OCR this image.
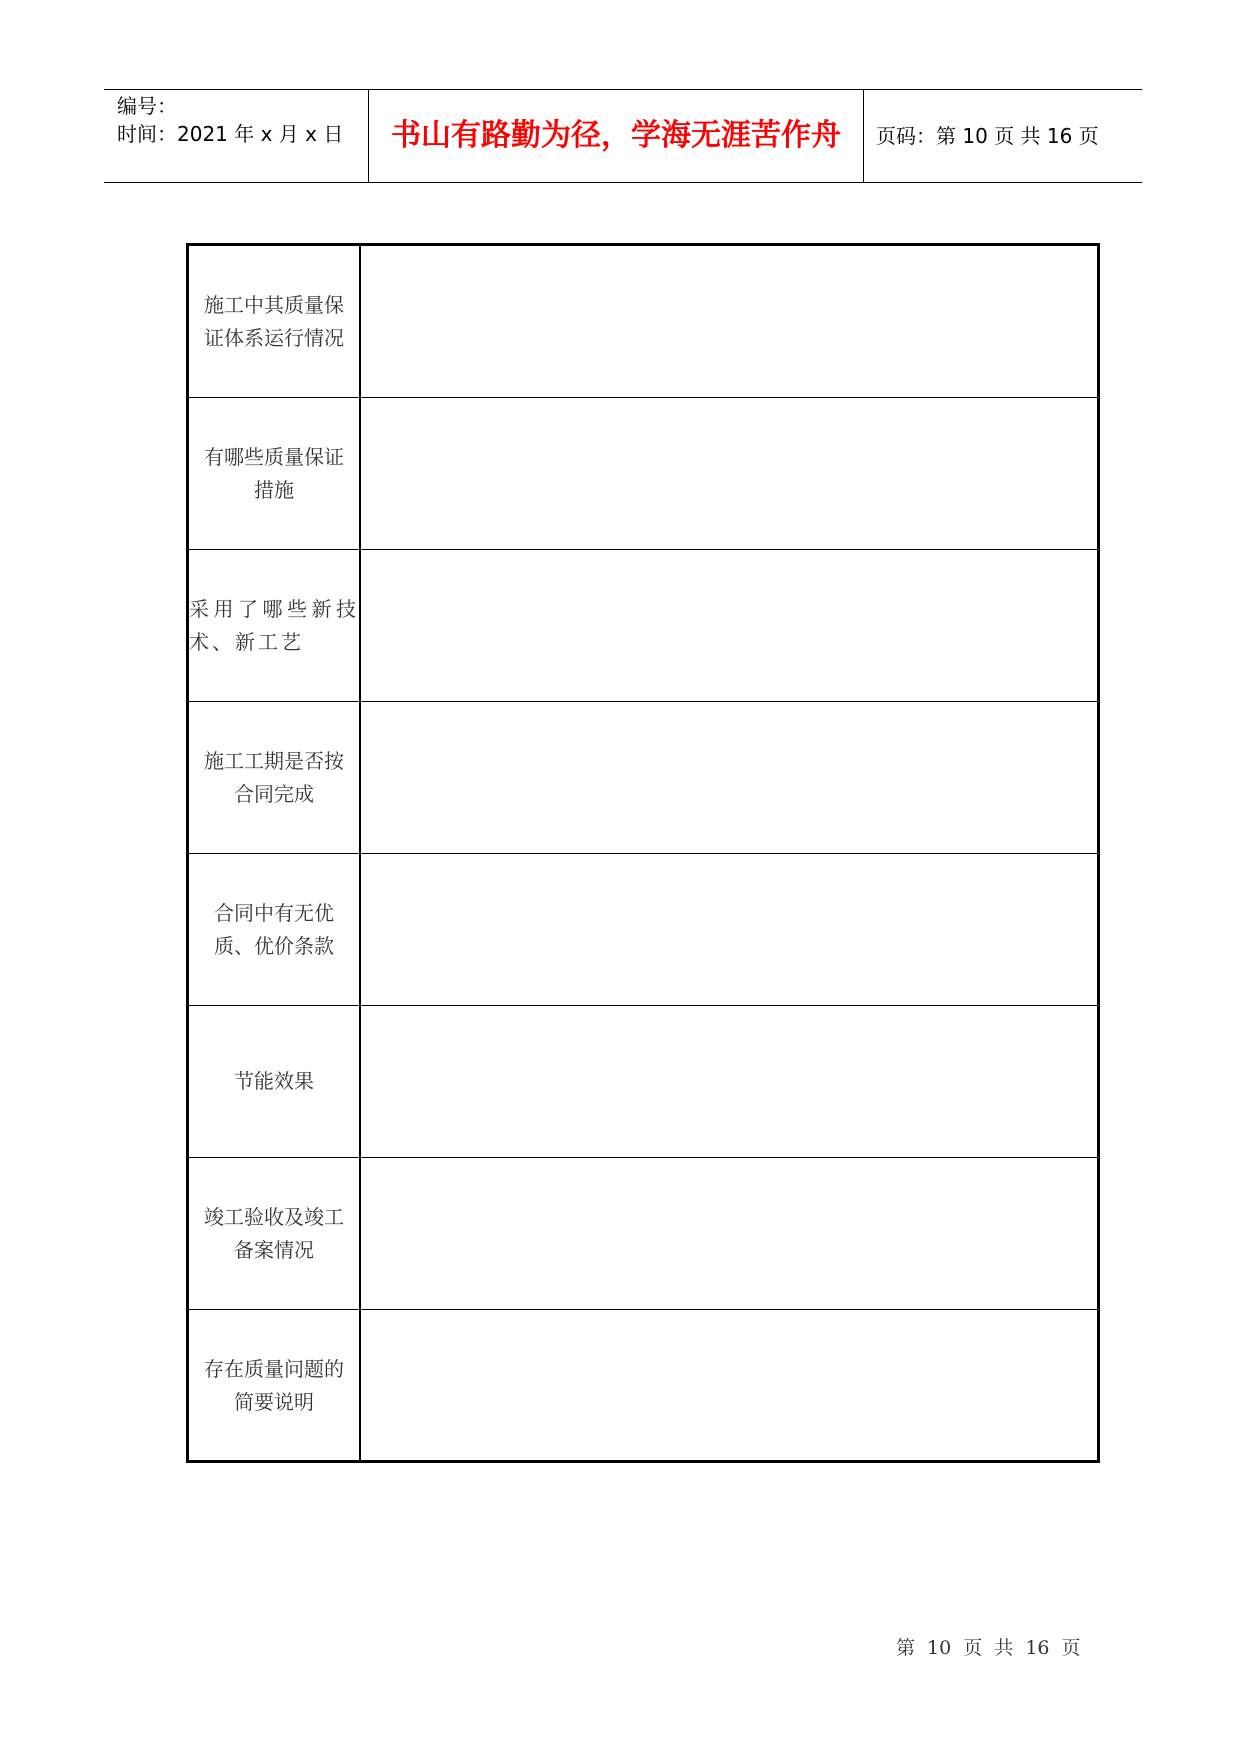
编号：
时间：2021 年 x 月 x 日	书山有路勤为径，学海无涯苦作舟	页码：第 10 页 共 16 页
施工中其质量保证体系运行情况
有哪些质量保证措施
采用了哪些新技术、新工艺
施工工期是否按合同完成
合同中有无优质、优价条款
节能效果
竣工验收及竣工备案情况
存在质量问题的简要说明
第 10 页 共 16 页
